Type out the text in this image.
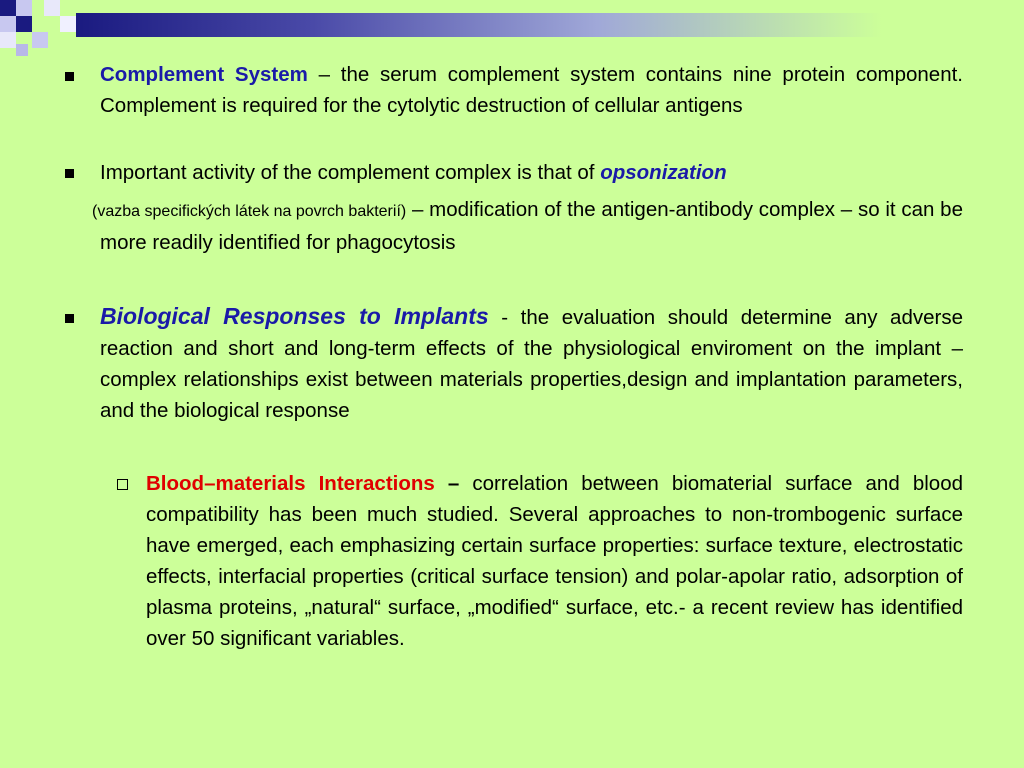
Complement System – the serum complement system contains nine protein component. Complement is required for the cytolytic destruction of cellular antigens
Important activity of the complement complex is that of opsonization
(vazba specifických látek na povrch bakterií) – modification of the antigen-antibody complex – so it can be more readily identified for phagocytosis
Biological Responses to Implants - the evaluation should determine any adverse reaction and short and long-term effects of the physiological enviroment on the implant – complex relationships exist between materials properties,design and implantation parameters, and the biological response
Blood–materials Interactions – correlation between biomaterial surface and blood compatibility has been much studied. Several approaches to non-trombogenic surface have emerged, each emphasizing certain surface properties: surface texture, electrostatic effects, interfacial properties (critical surface tension) and polar-apolar ratio, adsorption of plasma proteins, „natural“ surface, „modified“ surface, etc.- a recent review has identified over 50 significant variables.
